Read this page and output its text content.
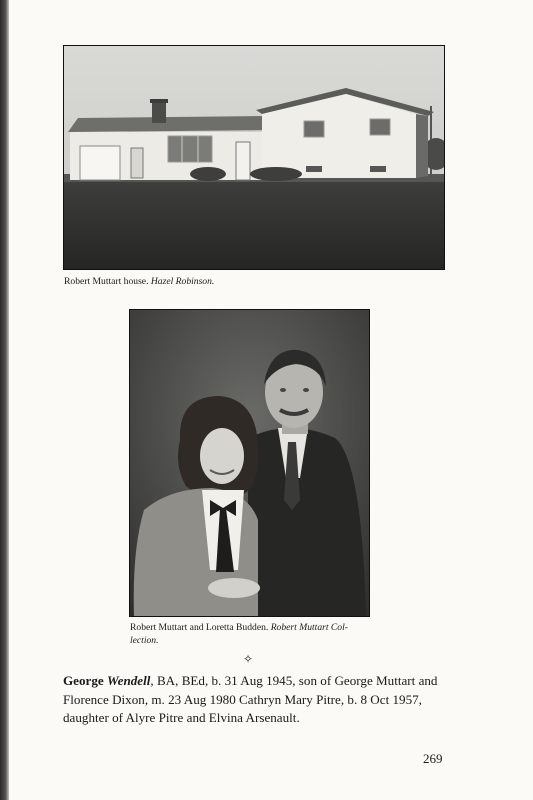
Robert Muttart house. Hazel Robinson.
Robert Muttart and Loretta Budden. Robert Muttart Col- lection.
✧
George Wendell, BA, BEd, b. 31 Aug 1945, son of George Muttart and Florence Dixon, m. 23 Aug 1980 Cathryn Mary Pitre, b. 8 Oct 1957, daughter of Alyre Pitre and Elvina Arsenault.
269
